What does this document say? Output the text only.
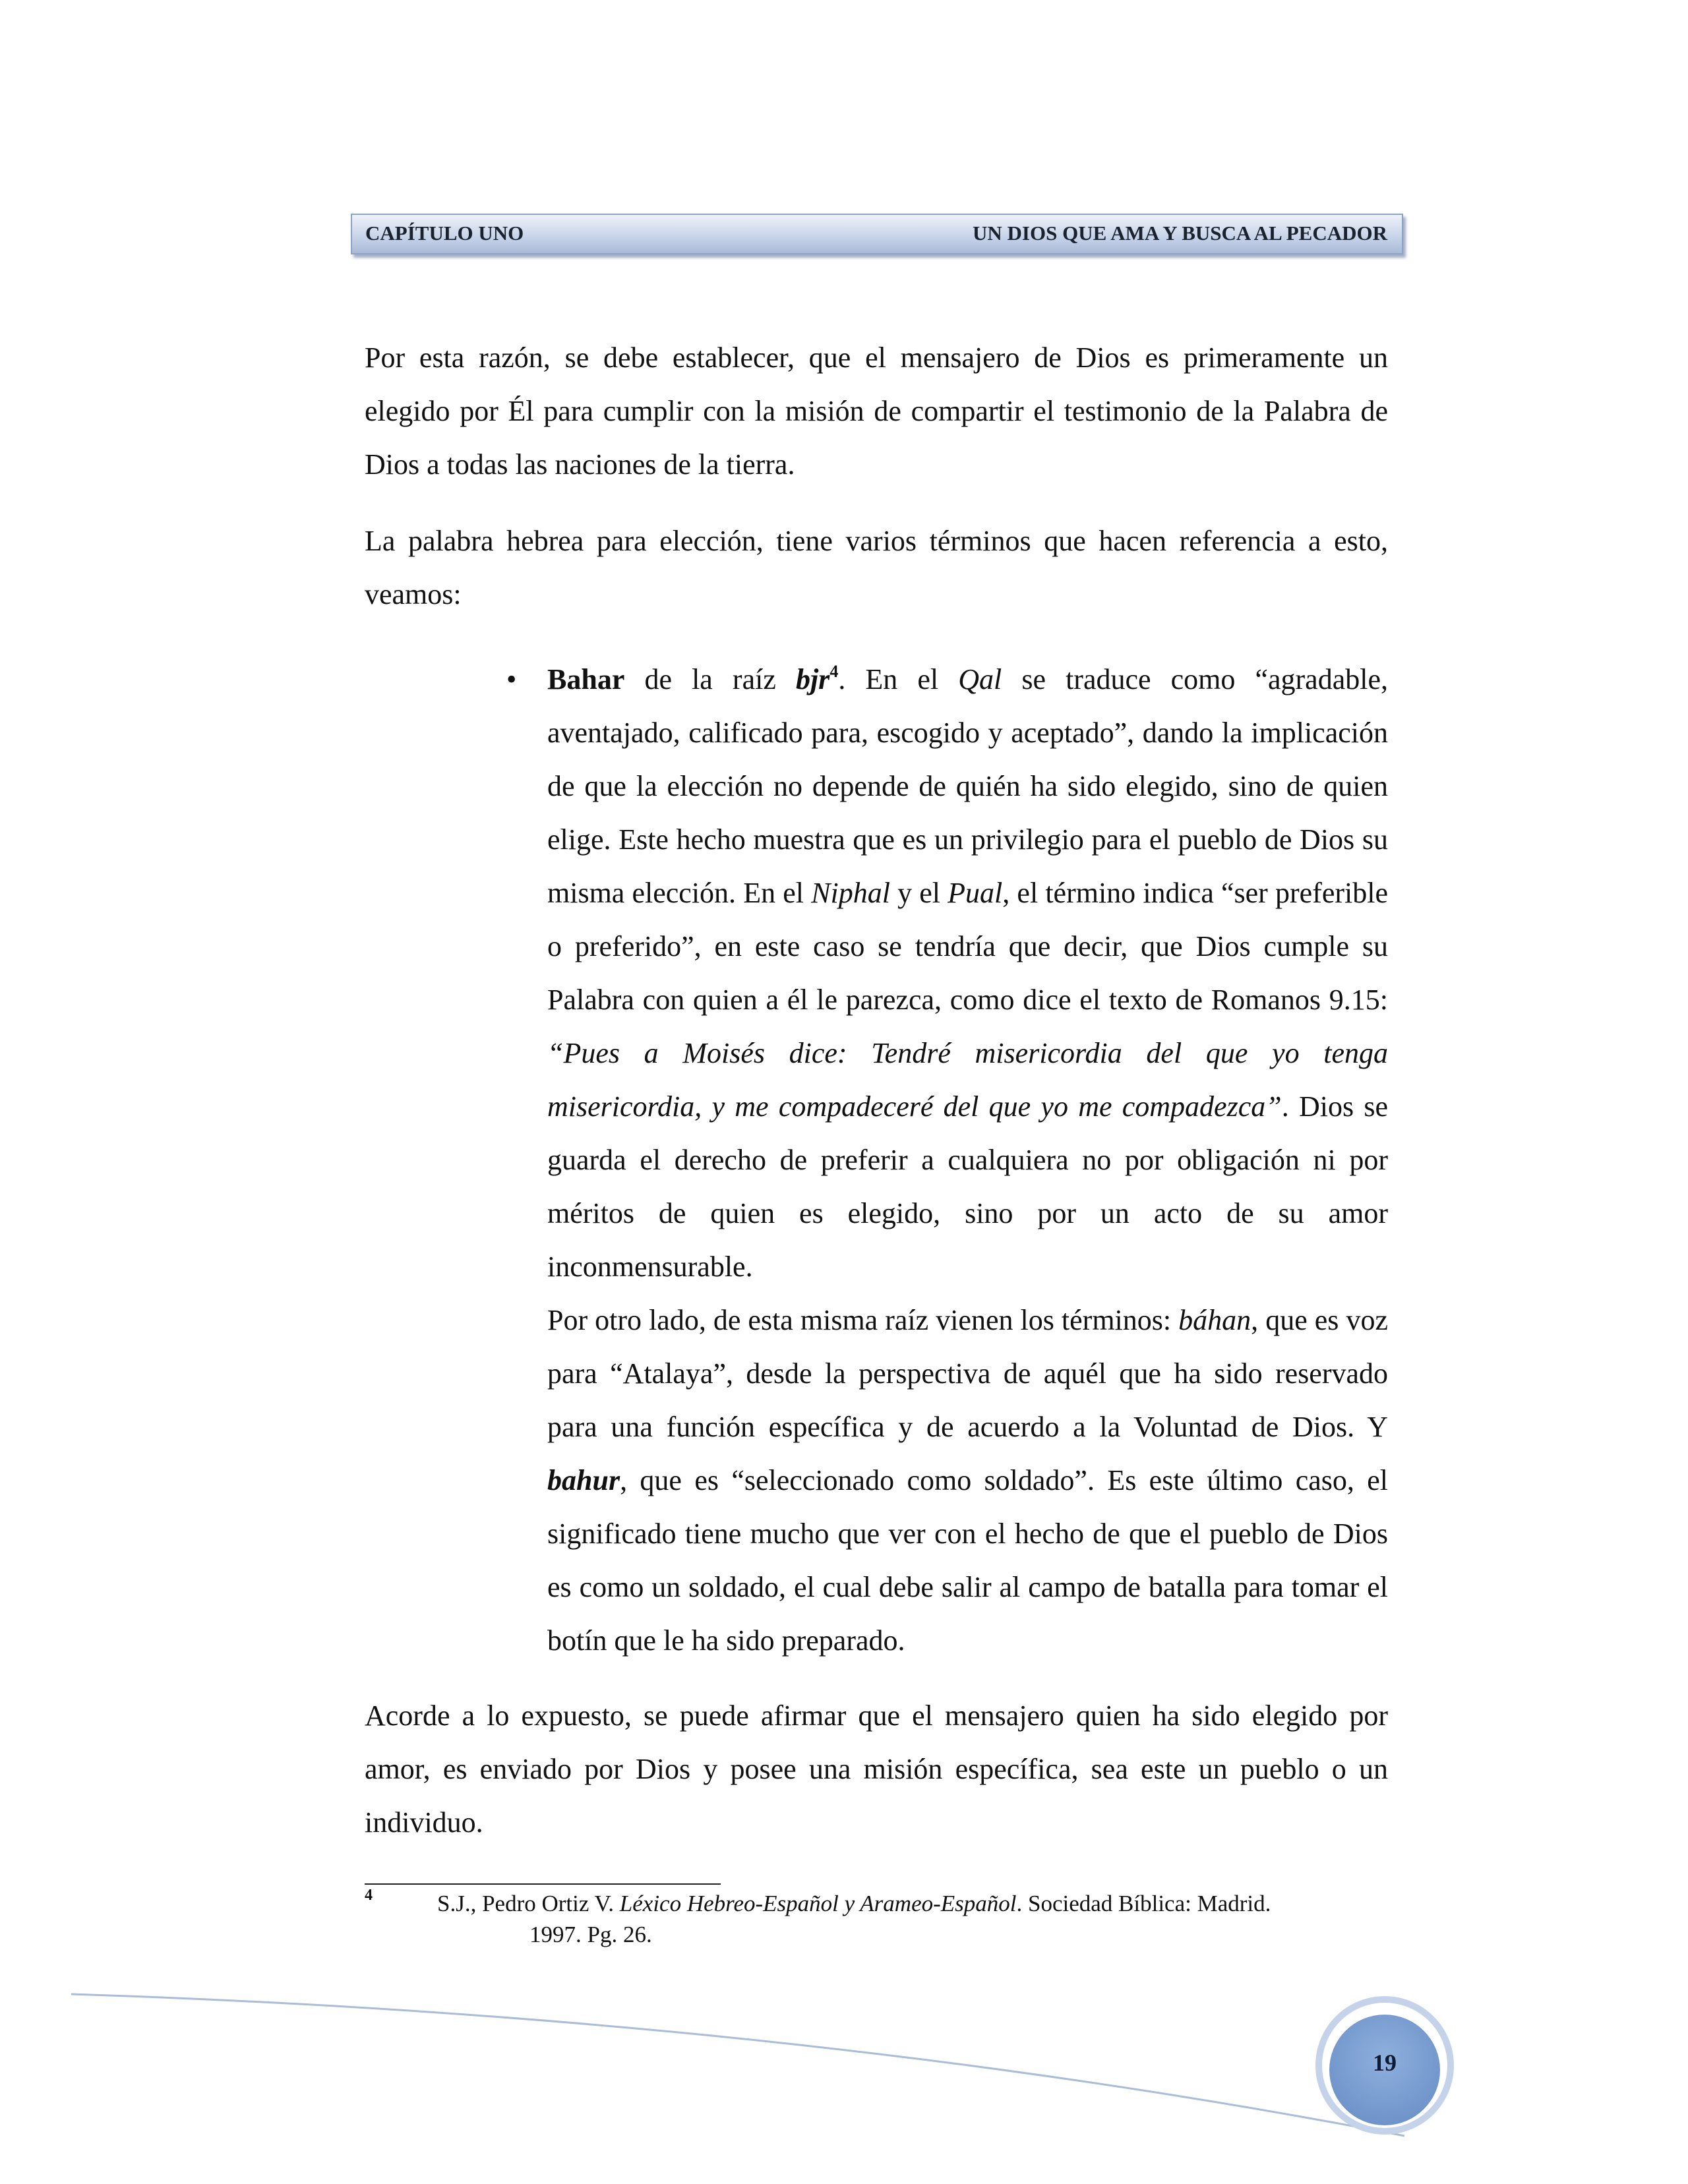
CAPÍTULO UNO	UN DIOS QUE AMA Y BUSCA AL PECADOR

Por esta razón, se debe establecer, que el mensajero de Dios es primeramente un elegido por Él para cumplir con la misión de compartir el testimonio de la Palabra de Dios a todas las naciones de la tierra.

La palabra hebrea para elección, tiene varios términos que hacen referencia a esto, veamos:

• Bahar de la raíz bjr$^4$. En el Qal se traduce como “agradable, aventajado, calificado para, escogido y aceptado”, dando la implicación de que la elección no depende de quién ha sido elegido, sino de quien elige. Este hecho muestra que es un privilegio para el pueblo de Dios su misma elección. En el Niphal y el Pual, el término indica “ser preferible o preferido”, en este caso se tendría que decir, que Dios cumple su Palabra con quien a él le parezca, como dice el texto de Romanos 9.15: “Pues a Moisés dice: Tendré misericordia del que yo tenga misericordia, y me compadeceré del que yo me compadezca”. Dios se guarda el derecho de preferir a cualquiera no por obligación ni por méritos de quien es elegido, sino por un acto de su amor inconmensurable.

Por otro lado, de esta misma raíz vienen los términos: báhan, que es voz para “Atalaya”, desde la perspectiva de aquél que ha sido reservado para una función específica y de acuerdo a la Voluntad de Dios. Y bahur, que es “seleccionado como soldado”. Es este último caso, el significado tiene mucho que ver con el hecho de que el pueblo de Dios es como un soldado, el cual debe salir al campo de batalla para tomar el botín que le ha sido preparado.

Acorde a lo expuesto, se puede afirmar que el mensajero quien ha sido elegido por amor, es enviado por Dios y posee una misión específica, sea este un pueblo o un individuo.

4	S.J., Pedro Ortiz V. Léxico Hebreo-Español y Arameo-Español. Sociedad Bíblica: Madrid.
1997. Pg. 26.
19
